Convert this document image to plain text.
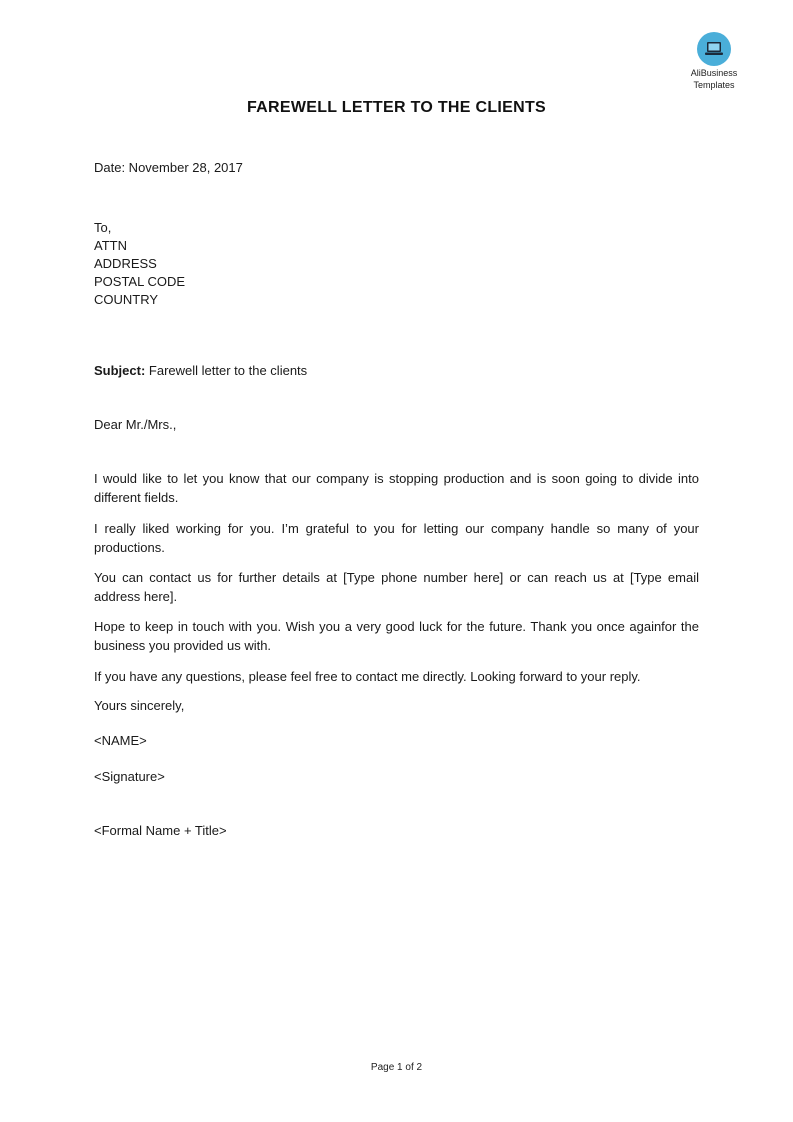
AliBusiness
Templates
FAREWELL LETTER TO THE CLIENTS
Date: November 28, 2017
To,
ATTN
ADDRESS
POSTAL CODE
COUNTRY
Subject: Farewell letter to the clients
Dear Mr./Mrs.,
I would like to let you know that our company is stopping production and is soon going to divide into different fields.
I really liked working for you. I’m grateful to you for letting our company handle so many of your productions.
You can contact us for further details at [Type phone number here] or can reach us at [Type email address here].
Hope to keep in touch with you. Wish you a very good luck for the future. Thank you once againfor the business you provided us with.
If you have any questions, please feel free to contact me directly. Looking forward to your reply.
Yours sincerely,
<NAME>
<Signature>
<Formal Name + Title>
Page 1 of 2
